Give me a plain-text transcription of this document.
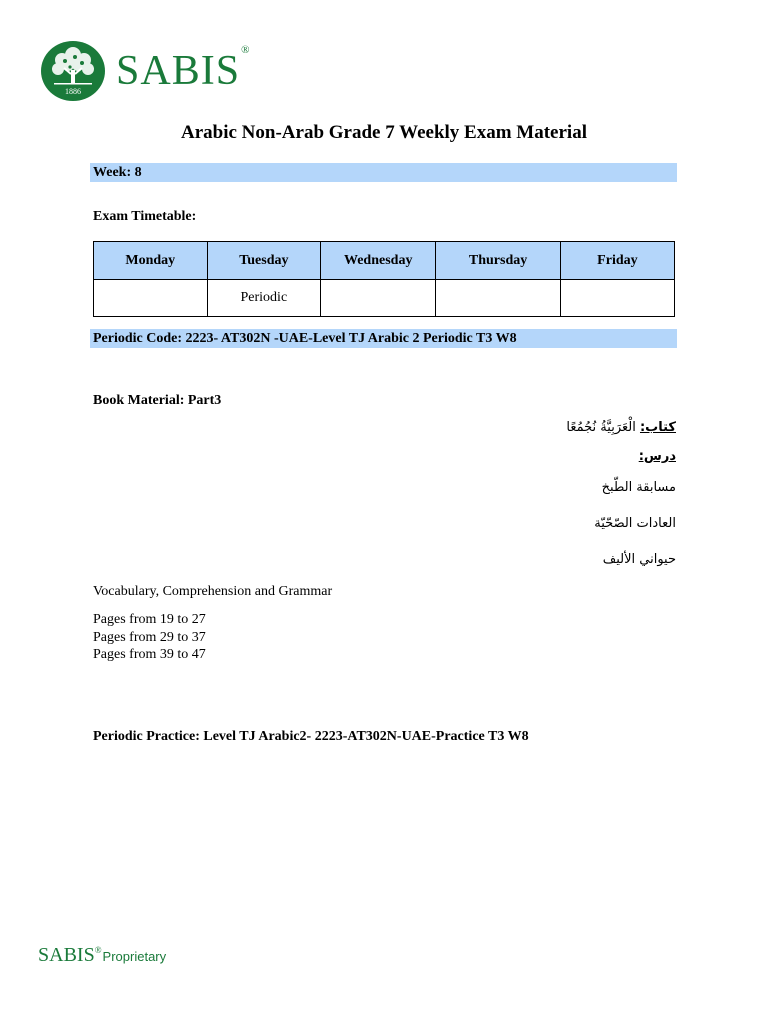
1886 SABIS®
Arabic Non-Arab Grade 7 Weekly Exam Material
Week: 8
Exam Timetable:
Monday	Tuesday	Wednesday	Thursday	Friday
	Periodic			
Periodic Code: 2223- AT302N -UAE-Level TJ Arabic 2 Periodic T3 W8
Book Material: Part3
كتاب: الْعَرَبِيَّةُ نُجُمُعًا
درس:
مسابقة الطّبخ
العادات الصّحّيّة
حيواني الأليف
Vocabulary, Comprehension and Grammar
Pages from 19 to 27
Pages from 29 to 37
Pages from 39 to 47
Periodic Practice: Level TJ Arabic2- 2223-AT302N-UAE-Practice T3 W8
SABIS ® Proprietary
